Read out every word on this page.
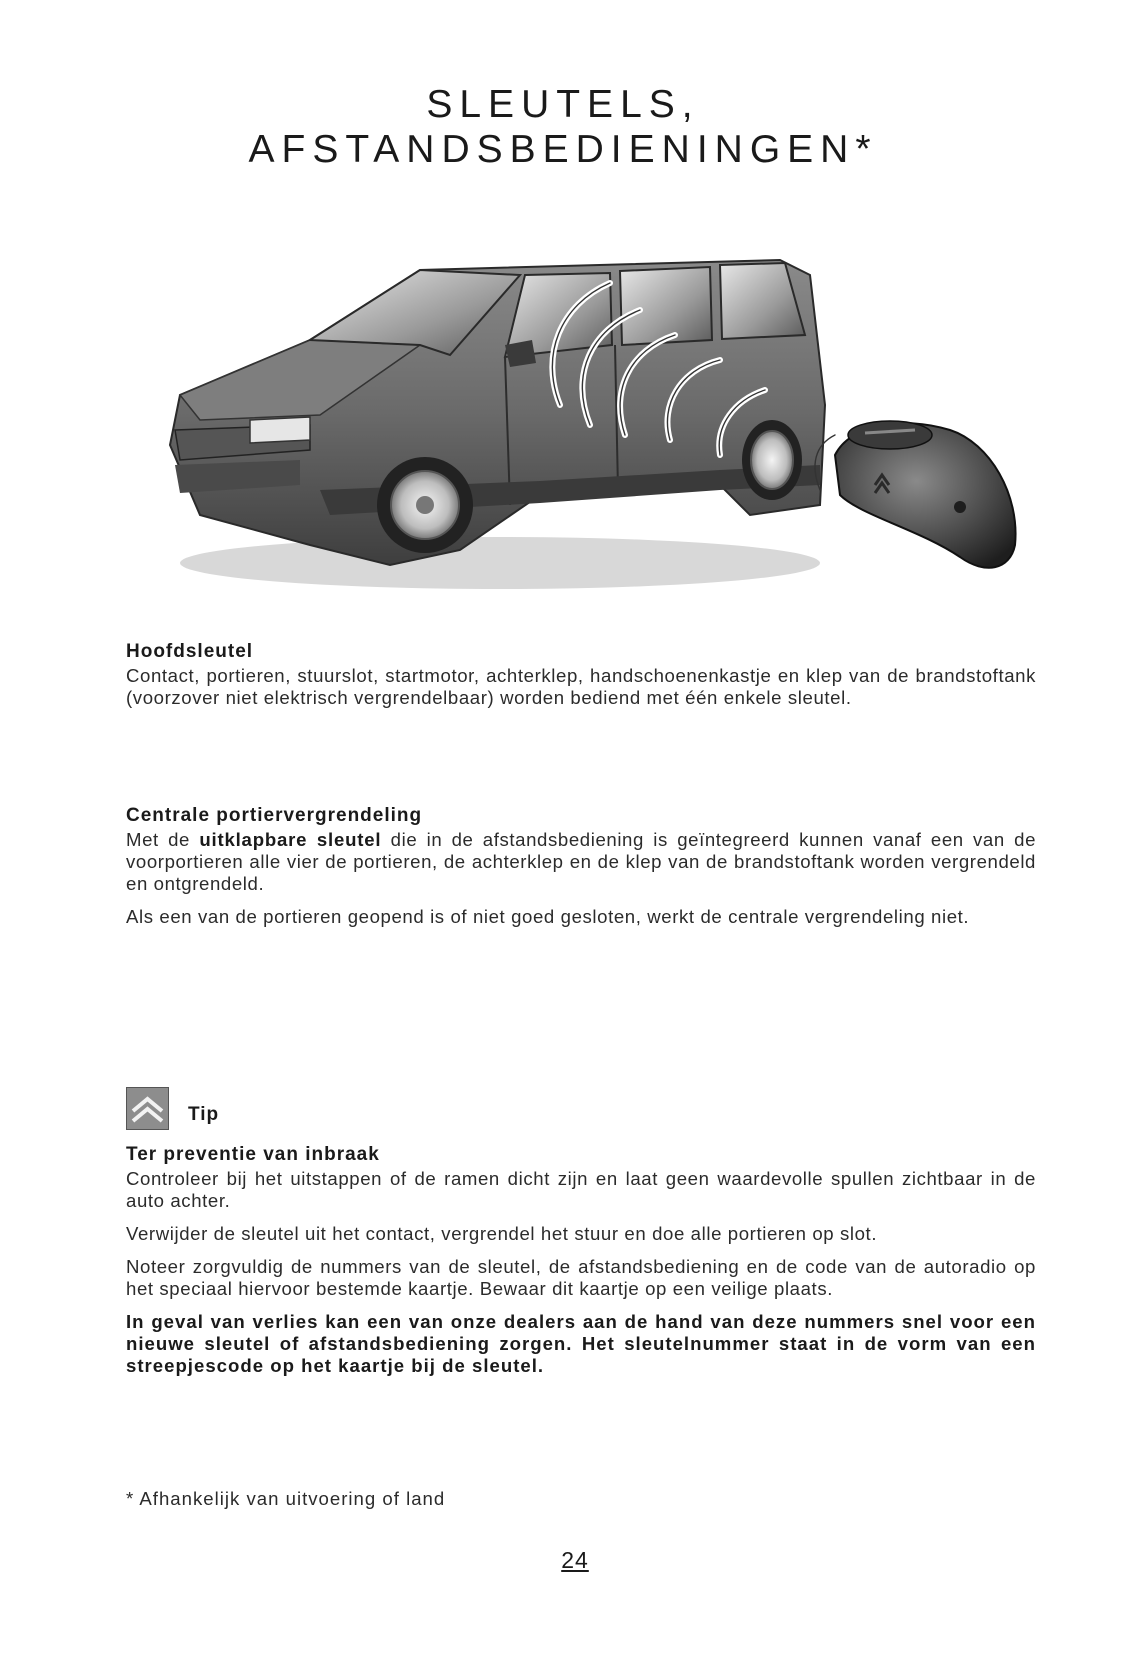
SLEUTELS,
AFSTANDSBEDIENINGEN*
Hoofdsleutel

Contact, portieren, stuurslot, startmotor, achterklep, handschoenenkastje en klep van de brandstoftank (voorzover niet elektrisch vergrendelbaar) worden bediend met één enkele sleutel.

Centrale portiervergrendeling

Met de uitklapbare sleutel die in de afstandsbediening is geïntegreerd kunnen vanaf een van de voorportieren alle vier de portieren, de achterklep en de klep van de brandstoftank worden vergrendeld en ontgrendeld.

Als een van de portieren geopend is of niet goed gesloten, werkt de centrale vergrendeling niet.

Tip
Ter preventie van inbraak

Controleer bij het uitstappen of de ramen dicht zijn en laat geen waardevolle spullen zichtbaar in de auto achter.

Verwijder de sleutel uit het contact, vergrendel het stuur en doe alle portieren op slot.

Noteer zorgvuldig de nummers van de sleutel, de afstandsbediening en de code van de autoradio op het speciaal hiervoor bestemde kaartje. Bewaar dit kaartje op een veilige plaats.

In geval van verlies kan een van onze dealers aan de hand van deze nummers snel voor een nieuwe sleutel of afstandsbediening zorgen. Het sleutelnummer staat in de vorm van een streepjescode op het kaartje bij de sleutel.

* Afhankelijk van uitvoering of land
24
